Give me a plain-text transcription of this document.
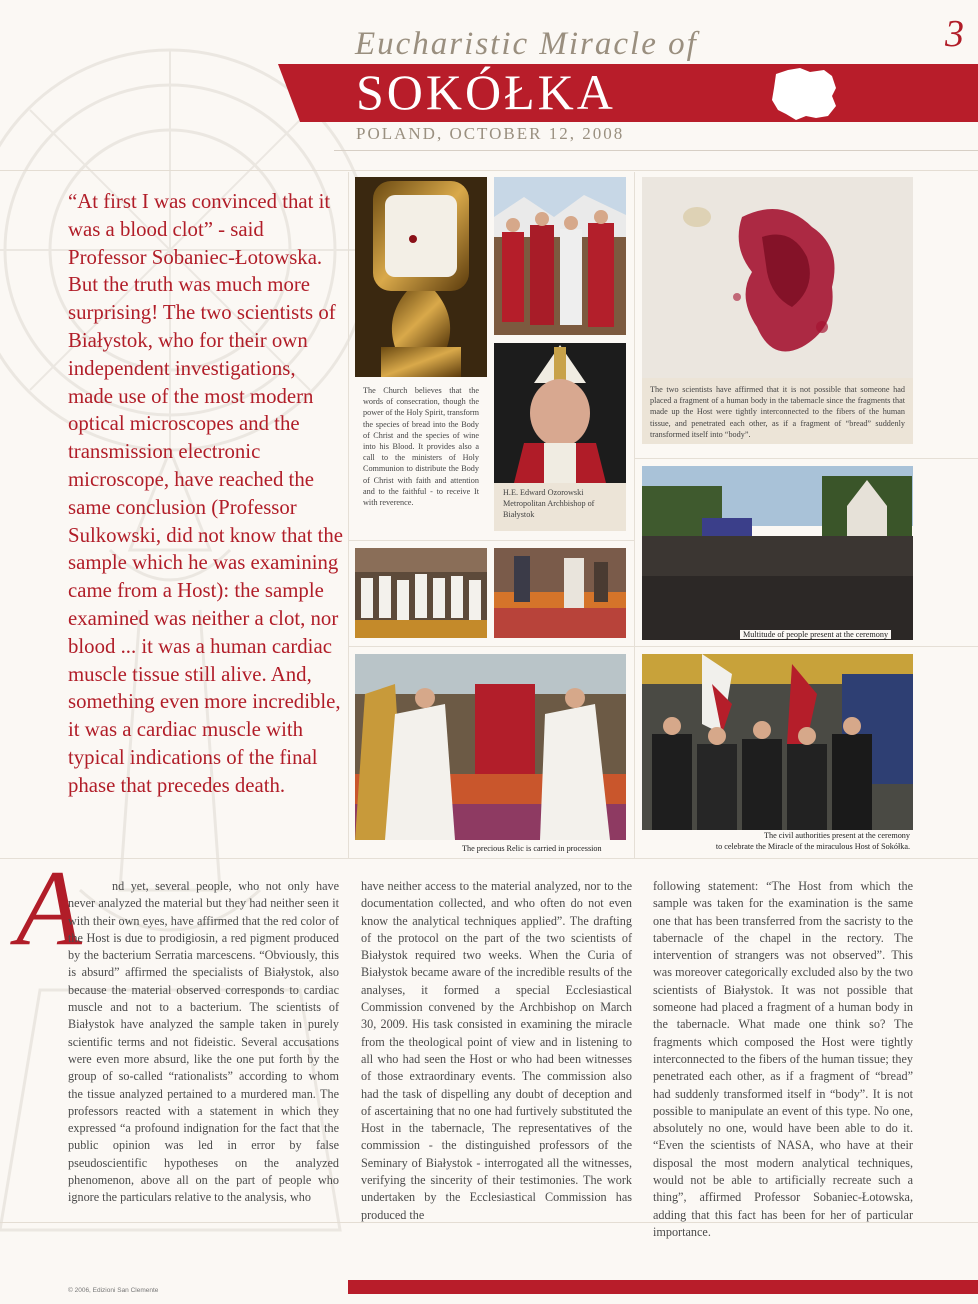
Eucharistic Miracle of	3
SOKÓŁKA
POLAND, OCTOBER 12, 2008
“At first I was convinced that it was a blood clot” - said Professor Sobaniec-Łotowska. But the truth was much more surprising! The two scientists of Białystok, who for their own independent investigations, made use of the most modern optical microscopes and the transmission electronic microscope, have reached the same conclusion (Professor Sulkowski, did not know that the sample which he was examining came from a Host): the sample examined was neither a clot, nor blood ... it was a human cardiac muscle tissue still alive. And, something even more incredible, it was a cardiac muscle with typical indications of the final phase that precedes death.
The Church believes that the words of consecration, though the power of the Holy Spirit, transform the species of bread into the Body of Christ and the species of wine into his Blood. It provides also a call to the ministers of Holy Communion to distribute the Body of Christ with faith and attention and to the faithful - to receive It with reverence.
H.E. Edward Ozorowski Metropolitan Archbishop of Białystok
The two scientists have affirmed that it is not possible that someone had placed a fragment of a human body in the tabernacle since the fragments that made up the Host were tightly interconnected to the fibers of the human tissue, and penetrated each other, as if a fragment of “bread” suddenly transformed itself into “body”.
Multitude of people present at the ceremony
The precious Relic is carried in procession
The civil authorities present at the ceremony
to celebrate the Miracle of the miraculous Host of Sokółka.
A	nd yet, several people, who not only have never analyzed the material but they had neither seen it with their own eyes, have affirmed that the red color of the Host is due to prodigiosin, a red pigment produced by the bacterium Serratia marcescens. “Obviously, this is absurd” affirmed the specialists of Białystok, also because the material observed corresponds to cardiac muscle and not to a bacterium. The scientists of Białystok have analyzed the sample taken in purely scientific terms and not fideistic. Several accusations were even more absurd, like the one put forth by the group of so-called “rationalists” according to whom the tissue analyzed pertained to a murdered man. The professors reacted with a statement in which they expressed “a profound indignation for the fact that the public opinion was led in error by false pseudoscientific hypotheses on the analyzed phenomenon, above all on the part of people who ignore the particulars relative to the analysis, who
have neither access to the material analyzed, nor to the documentation collected, and who often do not even know the analytical techniques applied”. The drafting of the protocol on the part of the two scientists of Białystok required two weeks. When the Curia of Białystok became aware of the incredible results of the analyses, it formed a special Ecclesiastical Commission convened by the Archbishop on March 30, 2009. His task consisted in examining the miracle from the theological point of view and in listening to all who had seen the Host or who had been witnesses of those extraordinary events. The commission also had the task of dispelling any doubt of deception and of ascertaining that no one had furtively substituted the Host in the tabernacle, The representatives of the commission - the distinguished professors of the Seminary of Białystok - interrogated all the witnesses, verifying the sincerity of their testimonies. The work undertaken by the Ecclesiastical Commission has produced the
following statement: “The Host from which the sample was taken for the examination is the same one that has been transferred from the sacristy to the tabernacle of the chapel in the rectory. The intervention of strangers was not observed”. This was moreover categorically excluded also by the two scientists of Białystok. It was not possible that someone had placed a fragment of a human body in the tabernacle. What made one think so? The fragments which composed the Host were tightly interconnected to the fibers of the human tissue; they penetrated each other, as if a fragment of “bread” had suddenly transformed itself in “body”. It is not possible to manipulate an event of this type. No one, absolutely no one, would have been able to do it. “Even the scientists of NASA, who have at their disposal the most modern analytical techniques, would not be able to artificially recreate such a thing”, affirmed Professor Sobaniec-Łotowska, adding that this fact has been for her of particular importance.
© 2006, Edizioni San Clemente
